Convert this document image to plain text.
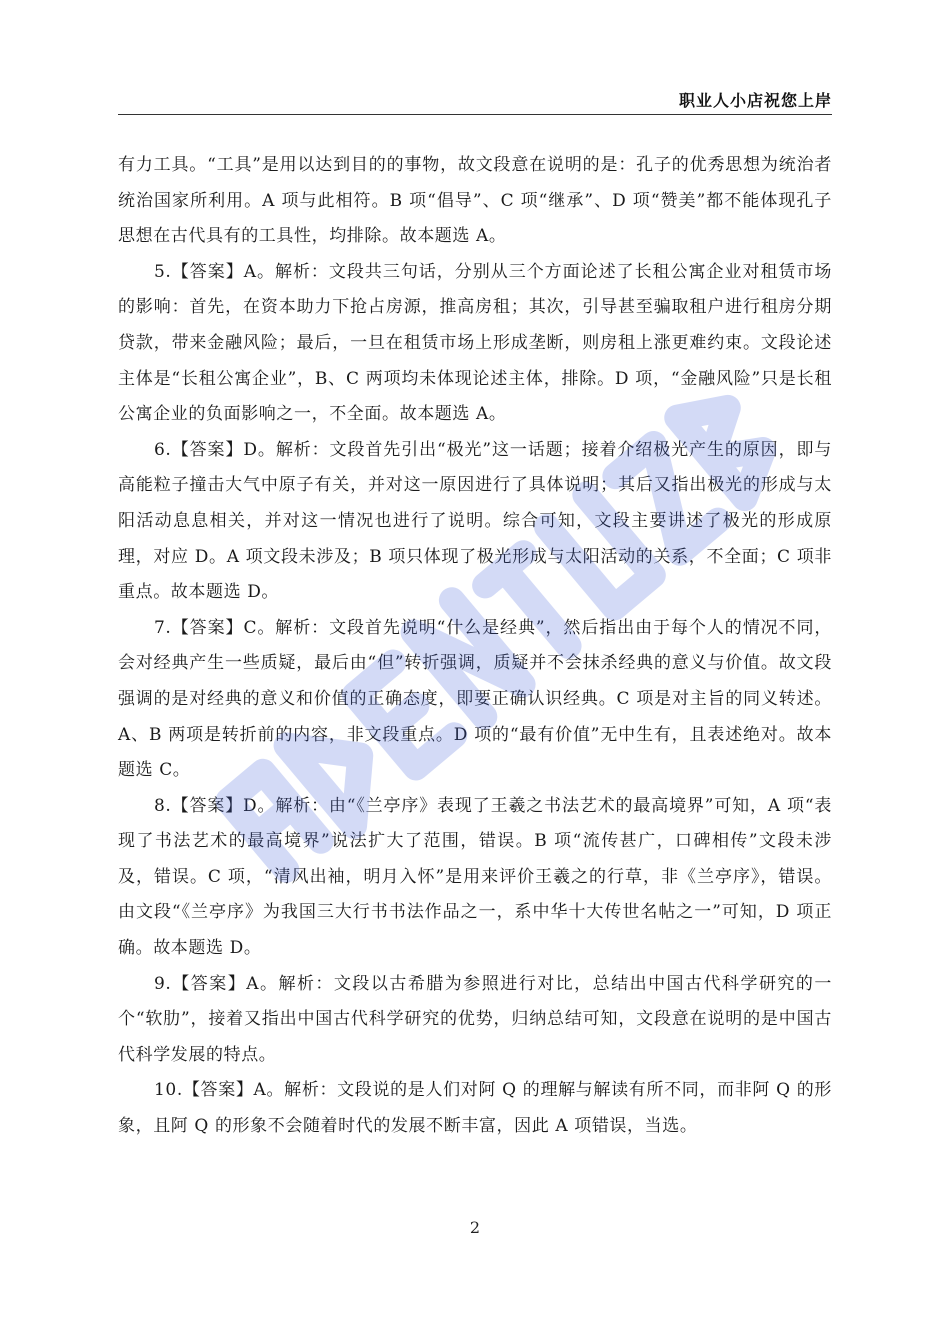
职业人小店祝您上岸

有力工具。“工具”是用以达到目的的事物，故文段意在说明的是：孔子的优秀思想为统治者统治国家所利用。A 项与此相符。B 项“倡导”、C 项“继承”、D 项“赞美”都不能体现孔子思想在古代具有的工具性，均排除。故本题选 A。

5.【答案】A。解析：文段共三句话，分别从三个方面论述了长租公寓企业对租赁市场的影响：首先，在资本助力下抢占房源，推高房租；其次，引导甚至骗取租户进行租房分期贷款，带来金融风险；最后，一旦在租赁市场上形成垄断，则房租上涨更难约束。文段论述主体是“长租公寓企业”，B、C 两项均未体现论述主体，排除。D 项，“金融风险”只是长租公寓企业的负面影响之一，不全面。故本题选 A。

6.【答案】D。解析：文段首先引出“极光”这一话题；接着介绍极光产生的原因，即与高能粒子撞击大气中原子有关，并对这一原因进行了具体说明；其后又指出极光的形成与太阳活动息息相关，并对这一情况也进行了说明。综合可知，文段主要讲述了极光的形成原理，对应 D。A 项文段未涉及；B 项只体现了极光形成与太阳活动的关系，不全面；C 项非重点。故本题选 D。

7.【答案】C。解析：文段首先说明“什么是经典”，然后指出由于每个人的情况不同，会对经典产生一些质疑，最后由“但”转折强调，质疑并不会抹杀经典的意义与价值。故文段强调的是对经典的意义和价值的正确态度，即要正确认识经典。C 项是对主旨的同义转述。A、B 两项是转折前的内容，非文段重点。D 项的“最有价值”无中生有，且表述绝对。故本题选 C。

8.【答案】D。解析：由“《兰亭序》表现了王羲之书法艺术的最高境界”可知，A 项“表现了书法艺术的最高境界”说法扩大了范围，错误。B 项“流传甚广，口碑相传”文段未涉及，错误。C 项，“清风出袖，明月入怀”是用来评价王羲之的行草，非《兰亭序》，错误。由文段“《兰亭序》为我国三大行书书法作品之一，系中华十大传世名帖之一”可知，D 项正确。故本题选 D。

9.【答案】A。解析：文段以古希腊为参照进行对比，总结出中国古代科学研究的一个“软肋”，接着又指出中国古代科学研究的优势，归纳总结可知，文段意在说明的是中国古代科学发展的特点。

10.【答案】A。解析：文段说的是人们对阿 Q 的理解与解读有所不同，而非阿 Q 的形象，且阿 Q 的形象不会随着时代的发展不断丰富，因此 A 项错误，当选。

2
